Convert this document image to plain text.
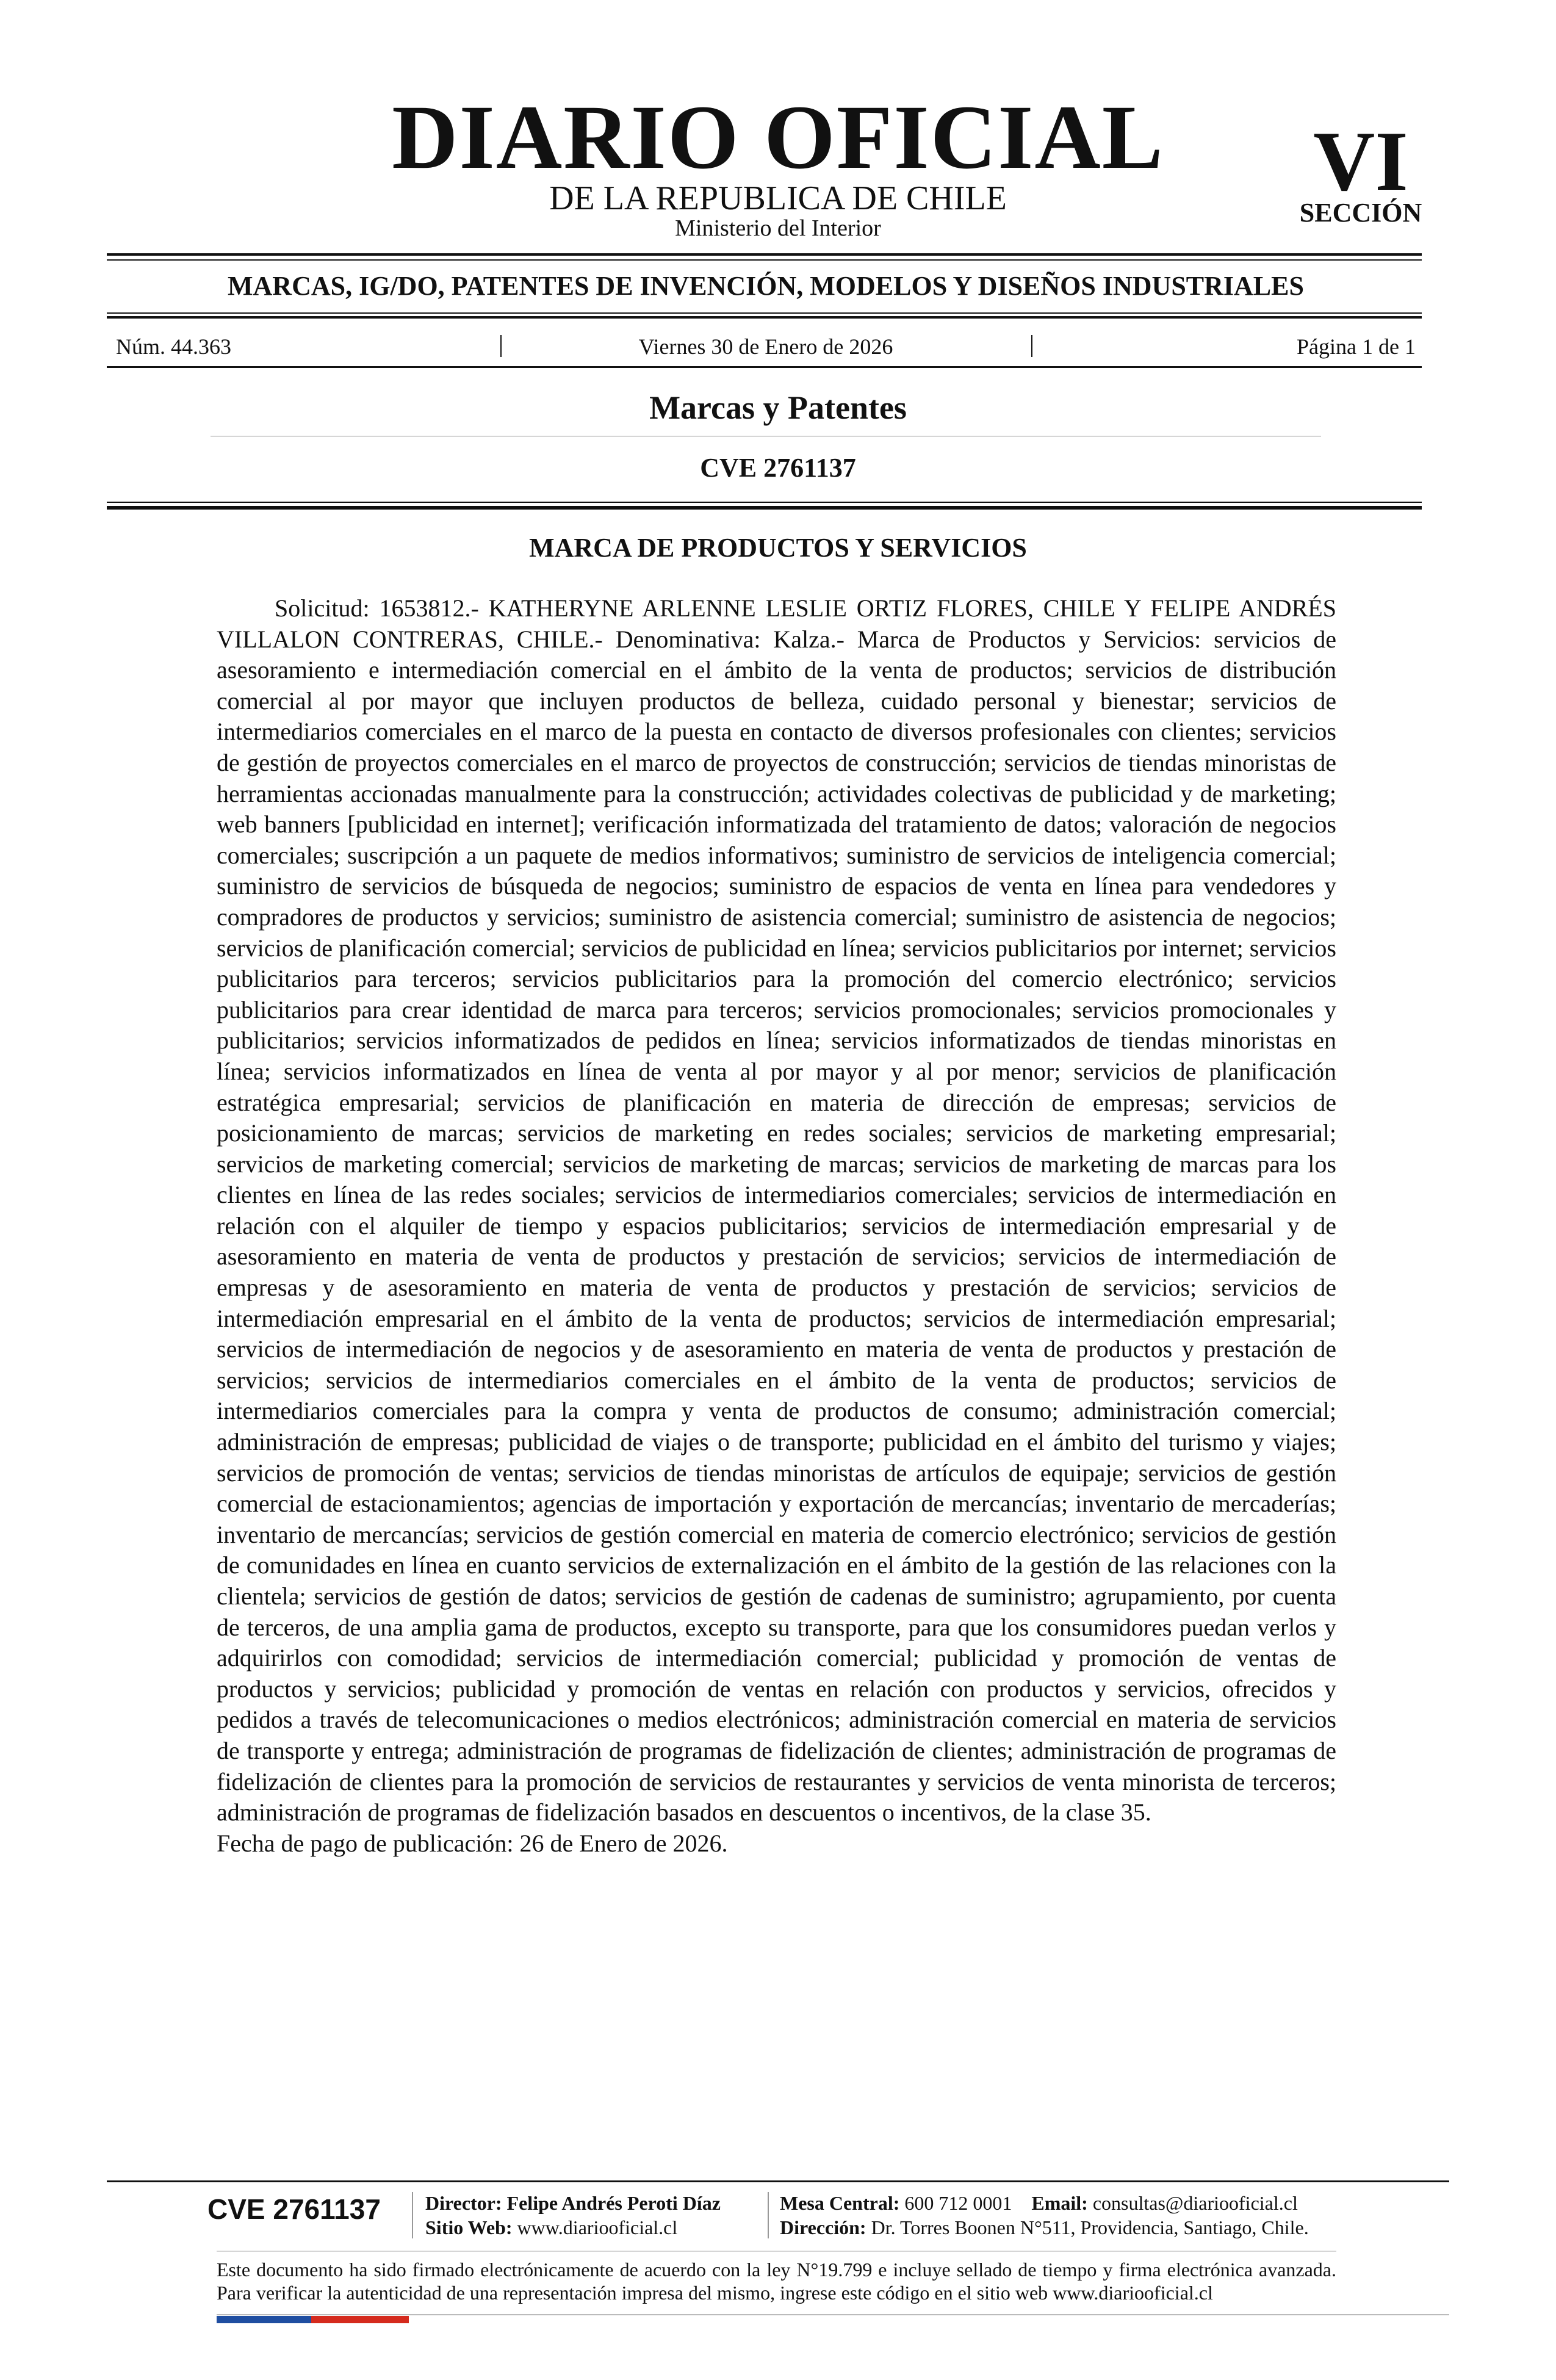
DIARIO OFICIAL
DE LA REPUBLICA DE CHILE
Ministerio del Interior
VI
SECCIÓN
MARCAS, IG/DO, PATENTES DE INVENCIÓN, MODELOS Y DISEÑOS INDUSTRIALES
Núm. 44.363	Viernes 30 de Enero de 2026	Página 1 de 1
Marcas y Patentes
CVE 2761137
MARCA DE PRODUCTOS Y SERVICIOS

Solicitud: 1653812.- KATHERYNE ARLENNE LESLIE ORTIZ FLORES, CHILE Y FELIPE ANDRÉS VILLALON CONTRERAS, CHILE.- Denominativa: Kalza.- Marca de Productos y Servicios: servicios de asesoramiento e intermediación comercial en el ámbito de la venta de productos; servicios de distribución comercial al por mayor que incluyen productos de belleza, cuidado personal y bienestar; servicios de intermediarios comerciales en el marco de la puesta en contacto de diversos profesionales con clientes; servicios de gestión de proyectos comerciales en el marco de proyectos de construcción; servicios de tiendas minoristas de herramientas accionadas manualmente para la construcción; actividades colectivas de publicidad y de marketing; web banners [publicidad en internet]; verificación informatizada del tratamiento de datos; valoración de negocios comerciales; suscripción a un paquete de medios informativos; suministro de servicios de inteligencia comercial; suministro de servicios de búsqueda de negocios; suministro de espacios de venta en línea para vendedores y compradores de productos y servicios; suministro de asistencia comercial; suministro de asistencia de negocios; servicios de planificación comercial; servicios de publicidad en línea; servicios publicitarios por internet; servicios publicitarios para terceros; servicios publicitarios para la promoción del comercio electrónico; servicios publicitarios para crear identidad de marca para terceros; servicios promocionales; servicios promocionales y publicitarios; servicios informatizados de pedidos en línea; servicios informatizados de tiendas minoristas en línea; servicios informatizados en línea de venta al por mayor y al por menor; servicios de planificación estratégica empresarial; servicios de planificación en materia de dirección de empresas; servicios de posicionamiento de marcas; servicios de marketing en redes sociales; servicios de marketing empresarial; servicios de marketing comercial; servicios de marketing de marcas; servicios de marketing de marcas para los clientes en línea de las redes sociales; servicios de intermediarios comerciales; servicios de intermediación en relación con el alquiler de tiempo y espacios publicitarios; servicios de intermediación empresarial y de asesoramiento en materia de venta de productos y prestación de servicios; servicios de intermediación de empresas y de asesoramiento en materia de venta de productos y prestación de servicios; servicios de intermediación empresarial en el ámbito de la venta de productos; servicios de intermediación empresarial; servicios de intermediación de negocios y de asesoramiento en materia de venta de productos y prestación de servicios; servicios de intermediarios comerciales en el ámbito de la venta de productos; servicios de intermediarios comerciales para la compra y venta de productos de consumo; administración comercial; administración de empresas; publicidad de viajes o de transporte; publicidad en el ámbito del turismo y viajes; servicios de promoción de ventas; servicios de tiendas minoristas de artículos de equipaje; servicios de gestión comercial de estacionamientos; agencias de importación y exportación de mercancías; inventario de mercaderías; inventario de mercancías; servicios de gestión comercial en materia de comercio electrónico; servicios de gestión de comunidades en línea en cuanto servicios de externalización en el ámbito de la gestión de las relaciones con la clientela; servicios de gestión de datos; servicios de gestión de cadenas de suministro; agrupamiento, por cuenta de terceros, de una amplia gama de productos, excepto su transporte, para que los consumidores puedan verlos y adquirirlos con comodidad; servicios de intermediación comercial; publicidad y promoción de ventas de productos y servicios; publicidad y promoción de ventas en relación con productos y servicios, ofrecidos y pedidos a través de telecomunicaciones o medios electrónicos; administración comercial en materia de servicios de transporte y entrega; administración de programas de fidelización de clientes; administración de programas de fidelización de clientes para la promoción de servicios de restaurantes y servicios de venta minorista de terceros; administración de programas de fidelización basados en descuentos o incentivos, de la clase 35.

Fecha de pago de publicación: 26 de Enero de 2026.

CVE 2761137	Director: Felipe Andrés Peroti Díaz
Sitio Web: www.diariooficial.cl
Mesa Central: 600 712 0001 Email: consultas@diariooficial.cl
Dirección: Dr. Torres Boonen N°511, Providencia, Santiago, Chile.
Este documento ha sido firmado electrónicamente de acuerdo con la ley N°19.799 e incluye sellado de tiempo y firma electrónica avanzada. Para verificar la autenticidad de una representación impresa del mismo, ingrese este código en el sitio web www.diariooficial.cl
